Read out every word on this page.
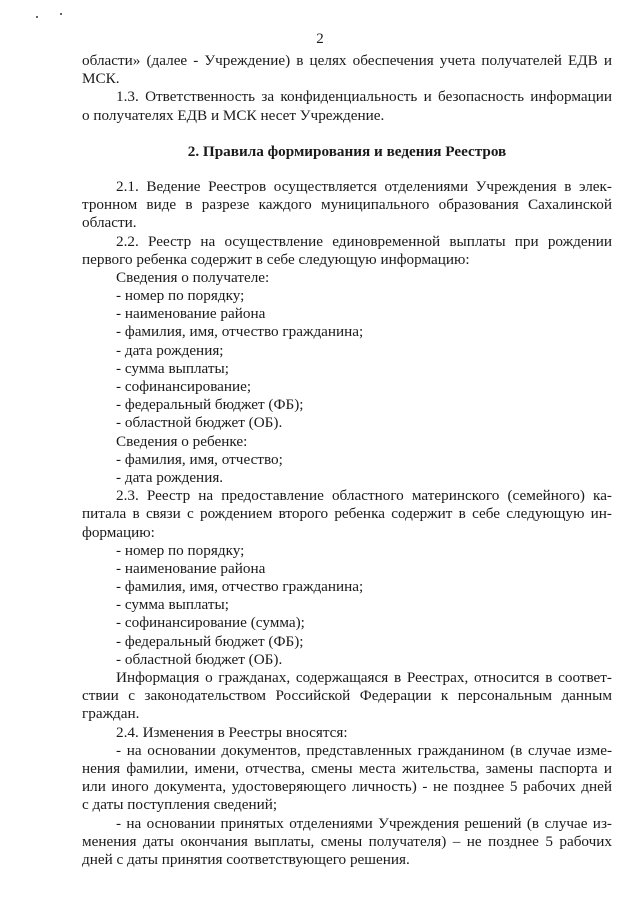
2
области» (далее - Учреждение) в целях обеспечения учета получателей ЕДВ и
МСК.
1.3. Ответственность за конфиденциальность и безопасность информации
о получателях ЕДВ и МСК несет Учреждение.
2. Правила формирования и ведения Реестров
2.1. Ведение Реестров осуществляется отделениями Учреждения в элек-
тронном виде в разрезе каждого муниципального образования Сахалинской
области.
2.2. Реестр на осуществление единовременной выплаты при рождении
первого ребенка содержит в себе следующую информацию:
Сведения о получателе:
- номер по порядку;
- наименование района
- фамилия, имя, отчество гражданина;
- дата рождения;
- сумма выплаты;
- софинансирование;
- федеральный бюджет (ФБ);
- областной бюджет (ОБ).
Сведения о ребенке:
- фамилия, имя, отчество;
- дата рождения.
2.3. Реестр на предоставление областного материнского (семейного) ка-
питала в связи с рождением второго ребенка содержит в себе следующую ин-
формацию:
- номер по порядку;
- наименование района
- фамилия, имя, отчество гражданина;
- сумма выплаты;
- софинансирование (сумма);
- федеральный бюджет (ФБ);
- областной бюджет (ОБ).
Информация о гражданах, содержащаяся в Реестрах, относится в соответ-
ствии с законодательством Российской Федерации к персональным данным
граждан.
2.4. Изменения в Реестры вносятся:
- на основании документов, представленных гражданином (в случае изме-
нения фамилии, имени, отчества, смены места жительства, замены паспорта и
или иного документа, удостоверяющего личность) - не позднее 5 рабочих дней
с даты поступления сведений;
- на основании принятых отделениями Учреждения решений (в случае из-
менения даты окончания выплаты, смены получателя) – не позднее 5 рабочих
дней с даты принятия соответствующего решения.
